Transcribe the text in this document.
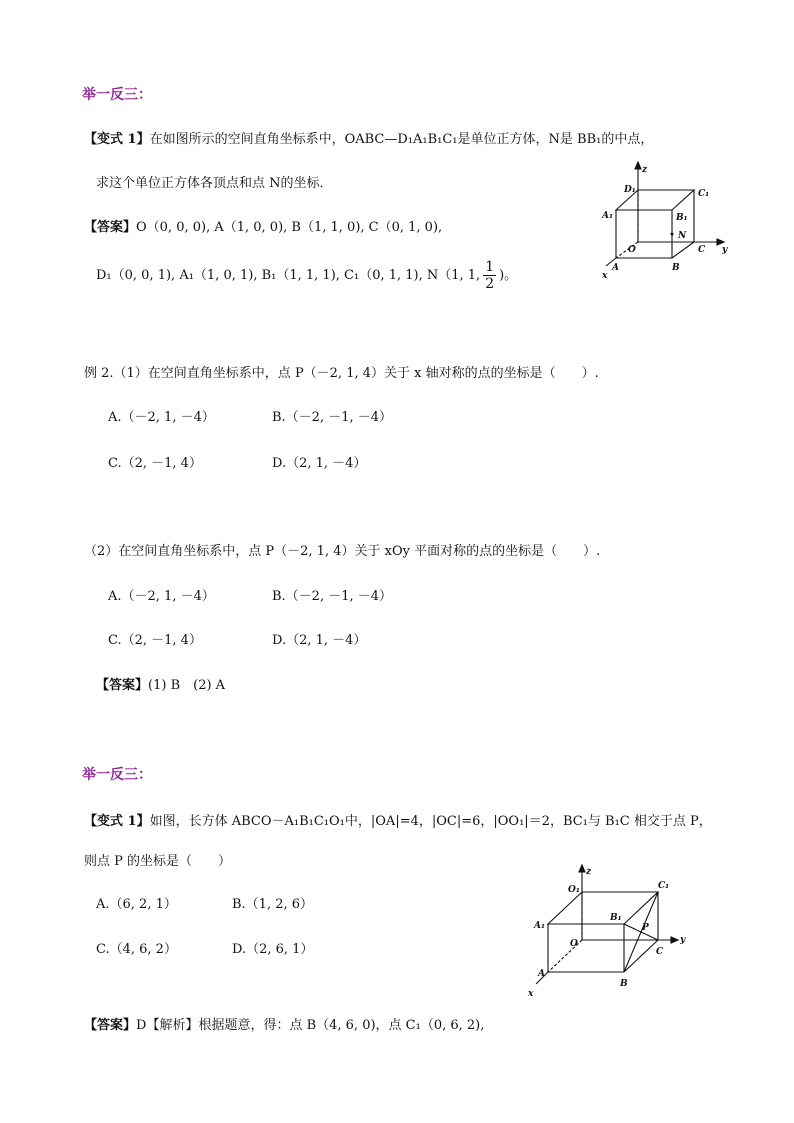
举一反三：
【变式 1】在如图所示的空间直角坐标系中，OABC—D₁A₁B₁C₁是单位正方体，N是 BB₁的中点，
求这个单位正方体各顶点和点 N的坐标．
【答案】O（0, 0, 0), A（1, 0, 0), B（1, 1, 0), C（0, 1, 0),
D₁（0, 0, 1), A₁（1, 0, 1), B₁（1, 1, 1), C₁（0, 1, 1), N（1, 1, $\frac{1}{2}$ )。
z
y
x
O
A	B
C
D₁
A₁	B₁
C₁
N
例 2.（1）在空间直角坐标系中，点 P（－2, 1, 4）关于 x 轴对称的点的坐标是（　　）.
A.（－2, 1, －4）	B.（－2, －1, －4）
C.（2, －1, 4）	D.（2, 1, －4）
（2）在空间直角坐标系中，点 P（－2, 1, 4）关于 xOy 平面对称的点的坐标是（　　）.
A.（－2, 1, －4）	B.（－2, －1, －4）
C.（2, －1, 4）	D.（2, 1, －4）
【答案】(1) B　(2) A
举一反三：
【变式 1】如图，长方体 ABCO－A₁B₁C₁O₁中，|OA|=4，|OC|=6，|OO₁|＝2，BC₁与 B₁C 相交于点 P，
则点 P 的坐标是（　　）
A.（6, 2, 1）	B.（1, 2, 6）
C.（4, 6, 2）	D.（2, 6, 1）
【答案】D【解析】根据题意，得：点 B（4, 6, 0)，点 C₁（0, 6, 2),
z
y
x
O
O₁
A
A₁
B
B₁
C
C₁
P
